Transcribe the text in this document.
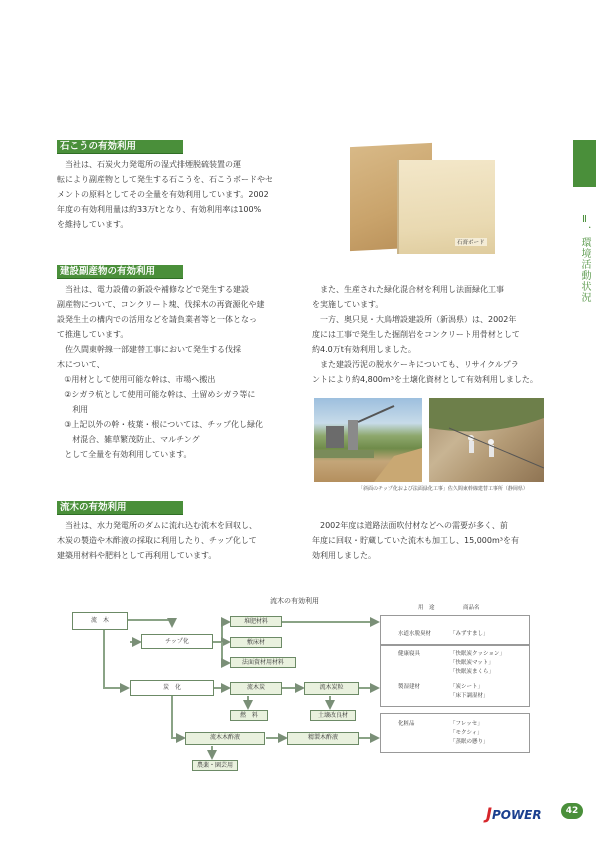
Ⅱ．環境活動状況
石こうの有効利用

当社は、石炭火力発電所の湿式排煙脱硫装置の運

転により副産物として発生する石こうを、石こうボードやセ

メントの原料としてその全量を有効利用しています。2002

年度の有効利用量は約33万tとなり、有効利用率は100%

を維持しています。

石膏ボード
建設副産物の有効利用

当社は、電力設備の新設や補修などで発生する建設

副産物について、コンクリート塊、伐採木の再資源化や建

設発生土の構内での活用などを請負業者等と一体となっ

て推進しています。

佐久間東幹線一部建替工事において発生する伐採

木について、

①用材として使用可能な幹は、市場へ搬出

②シガラ杭として使用可能な幹は、土留めシガラ等に

利用

③上記以外の幹・枝葉・根については、チップ化し緑化

材混合、雑草繁茂防止、マルチング

として全量を有効利用しています。

また、生産された緑化混合材を利用し法面緑化工事

を実施しています。

一方、奥只見・大鳥増設建設所（新潟県）は、2002年

度には工事で発生した掘削岩をコンクリート用骨材として

約4.0万t有効利用しました。

また建設汚泥の脱水ケーキについても、リサイクルプラ

ントにより約4,800m³を土壌化資材として有効利用しました。

「斜面のチップ化および法面緑化工事」佐久間東幹線建替工事所（静岡県）
流木の有効利用

当社は、水力発電所のダムに流れ込む流木を回収し、

木炭の製造や木酢液の採取に利用したり、チップ化して

建築用材料や肥料として再利用しています。

2002年度は道路法面吹付材などへの需要が多く、前

年度に回収・貯蔵していた流木も加工し、15,000m³を有

効利用しました。

流木の有効利用
流　木
チップ化
炭　化
堆肥材料
敷床材
法面資材用材料
流木炭	流木炭粒
燃　料	土壌改良材
流木木酢液	精製木酢液
農薬・園芸用
用　途	商品名
水道水脱臭材	「みずすまし」
健康寝具	「快眠炭クッション」
「快眠炭マット」
「快眠炭まくら」
製湿建材	「炭シート」
「床下調湿材」
化粧品	「フレッセ」
「モクシィ」
「蒸眠の懸り」
JPOWER	42
